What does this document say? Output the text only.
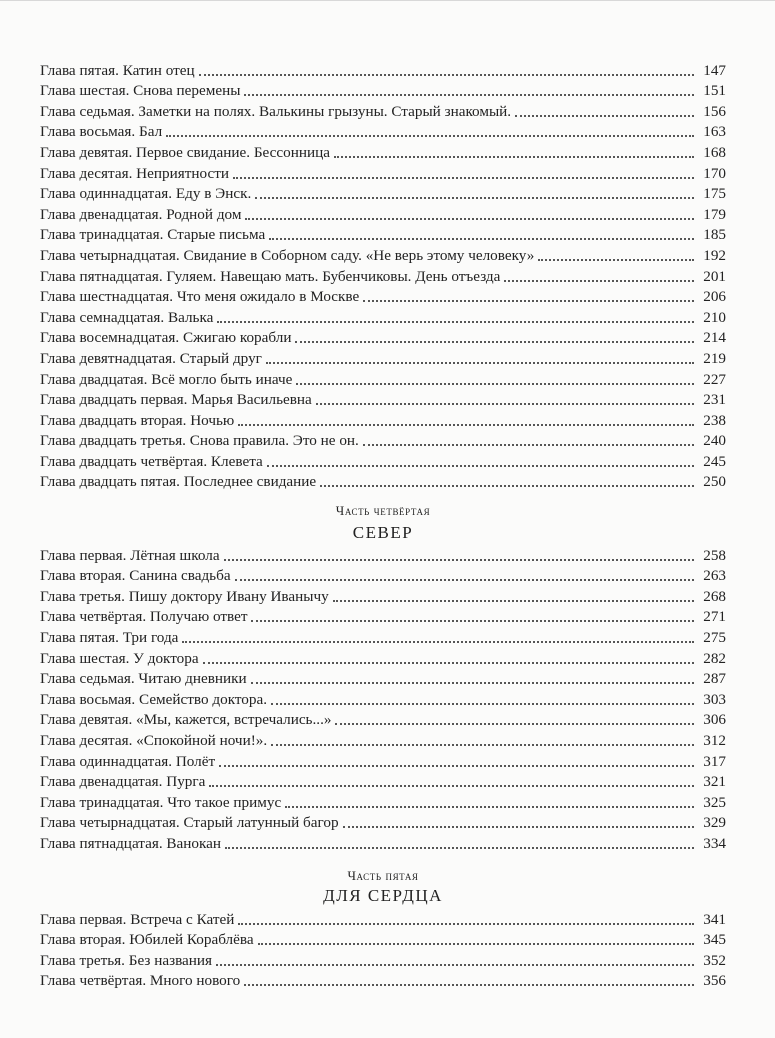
Глава пятая. Катин отец	147
Глава шестая. Снова перемены	151
Глава седьмая. Заметки на полях. Валькины грызуны. Старый знакомый.	156
Глава восьмая. Бал	163
Глава девятая. Первое свидание. Бессонница	168
Глава десятая. Неприятности	170
Глава одиннадцатая. Еду в Энск.	175
Глава двенадцатая. Родной дом	179
Глава тринадцатая. Старые письма	185
Глава четырнадцатая. Свидание в Соборном саду. «Не верь этому человеку»	192
Глава пятнадцатая. Гуляем. Навещаю мать. Бубенчиковы. День отъезда	201
Глава шестнадцатая. Что меня ожидало в Москве	206
Глава семнадцатая. Валька	210
Глава восемнадцатая. Сжигаю корабли	214
Глава девятнадцатая. Старый друг	219
Глава двадцатая. Всё могло быть иначе	227
Глава двадцать первая. Марья Васильевна	231
Глава двадцать вторая. Ночью	238
Глава двадцать третья. Снова правила. Это не он.	240
Глава двадцать четвёртая. Клевета	245
Глава двадцать пятая. Последнее свидание	250
Часть четвёртая
СЕВЕР
Глава первая. Лётная школа	258
Глава вторая. Санина свадьба	263
Глава третья. Пишу доктору Ивану Иванычу	268
Глава четвёртая. Получаю ответ	271
Глава пятая. Три года	275
Глава шестая. У доктора	282
Глава седьмая. Читаю дневники	287
Глава восьмая. Семейство доктора.	303
Глава девятая. «Мы, кажется, встречались...»	306
Глава десятая. «Спокойной ночи!».	312
Глава одиннадцатая. Полёт	317
Глава двенадцатая. Пурга	321
Глава тринадцатая. Что такое примус	325
Глава четырнадцатая. Старый латунный багор	329
Глава пятнадцатая. Ванокан	334
Часть пятая
ДЛЯ СЕРДЦА
Глава первая. Встреча с Катей	341
Глава вторая. Юбилей Кораблёва	345
Глава третья. Без названия	352
Глава четвёртая. Много нового	356
